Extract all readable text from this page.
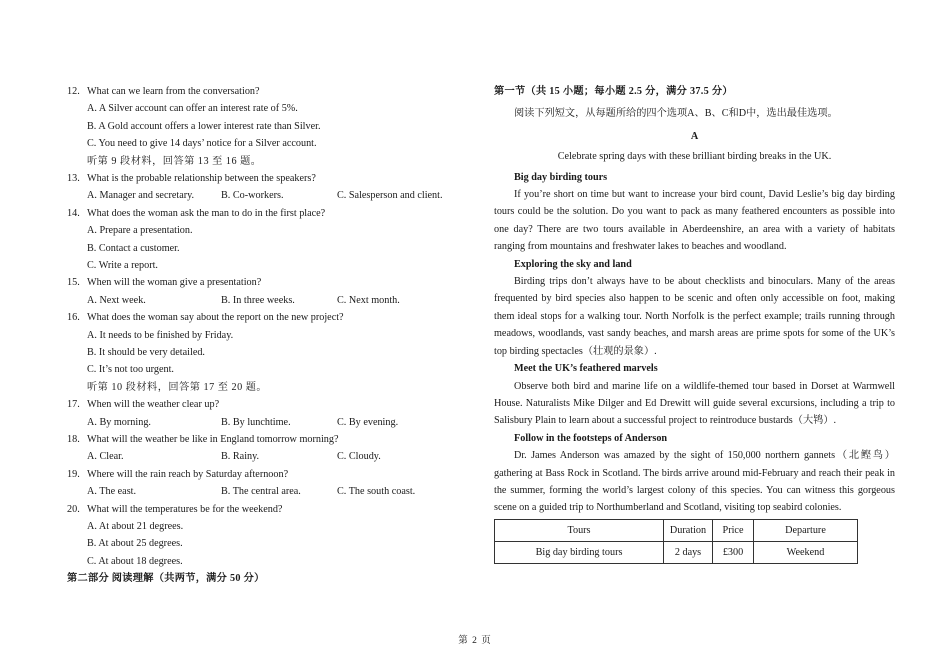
12. What can we learn from the conversation?
A. A Silver account can offer an interest rate of 5%.
B. A Gold account offers a lower interest rate than Silver.
C. You need to give 14 days’ notice for a Silver account.
听第 9 段材料，回答第 13 至 16 题。
13. What is the probable relationship between the speakers?
A. Manager and secretary.	B. Co-workers.	C. Salesperson and client.
14. What does the woman ask the man to do in the first place?
A. Prepare a presentation.
B. Contact a customer.
C. Write a report.
15. When will the woman give a presentation?
A. Next week.	B. In three weeks.	C. Next month.
16. What does the woman say about the report on the new project?
A. It needs to be finished by Friday.
B. It should be very detailed.
C. It’s not too urgent.
听第 10 段材料，回答第 17 至 20 题。
17. When will the weather clear up?
A. By morning.	B. By lunchtime.	C. By evening.
18. What will the weather be like in England tomorrow morning?
A. Clear.	B. Rainy.	C. Cloudy.
19. Where will the rain reach by Saturday afternoon?
A. The east.	B. The central area.	C. The south coast.
20. What will the temperatures be for the weekend?
A. At about 21 degrees.
B. At about 25 degrees.
C. At about 18 degrees.
第二部分 阅读理解（共两节，满分 50 分）
第一节（共 15 小题；每小题 2.5 分，满分 37.5 分）
阅读下列短文，从每题所给的四个选项A、B、C和D中，选出最佳选项。
A
Celebrate spring days with these brilliant birding breaks in the UK.
Big day birding tours
If you’re short on time but want to increase your bird count, David Leslie’s big day birding tours could be the solution. Do you want to pack as many feathered encounters as possible into one day? There are two tours available in Aberdeenshire, an area with a variety of habitats ranging from mountains and freshwater lakes to beaches and woodland.
Exploring the sky and land
Birding trips don’t always have to be about checklists and binoculars. Many of the areas frequented by bird species also happen to be scenic and often only accessible on foot, making them ideal stops for a walking tour. North Norfolk is the perfect example; trails running through meadows, woodlands, vast sandy beaches, and marsh areas are prime spots for some of the UK’s top birding spectacles（壮观的景象）.
Meet the UK’s feathered marvels
Observe both bird and marine life on a wildlife-themed tour based in Dorset at Warmwell House. Naturalists Mike Dilger and Ed Drewitt will guide several excursions, including a trip to Salisbury Plain to learn about a successful project to reintroduce bustards（大鸨）.
Follow in the footsteps of Anderson
Dr. James Anderson was amazed by the sight of 150,000 northern gannets（北鲣鸟）gathering at Bass Rock in Scotland. The birds arrive around mid-February and reach their peak in the summer, forming the world’s largest colony of this species. You can witness this gorgeous scene on a guided trip to Northumberland and Scotland, visiting top seabird colonies.
Tours	Duration	Price	Departure
Big day birding tours	2 days	£300	Weekend
第 2 页
